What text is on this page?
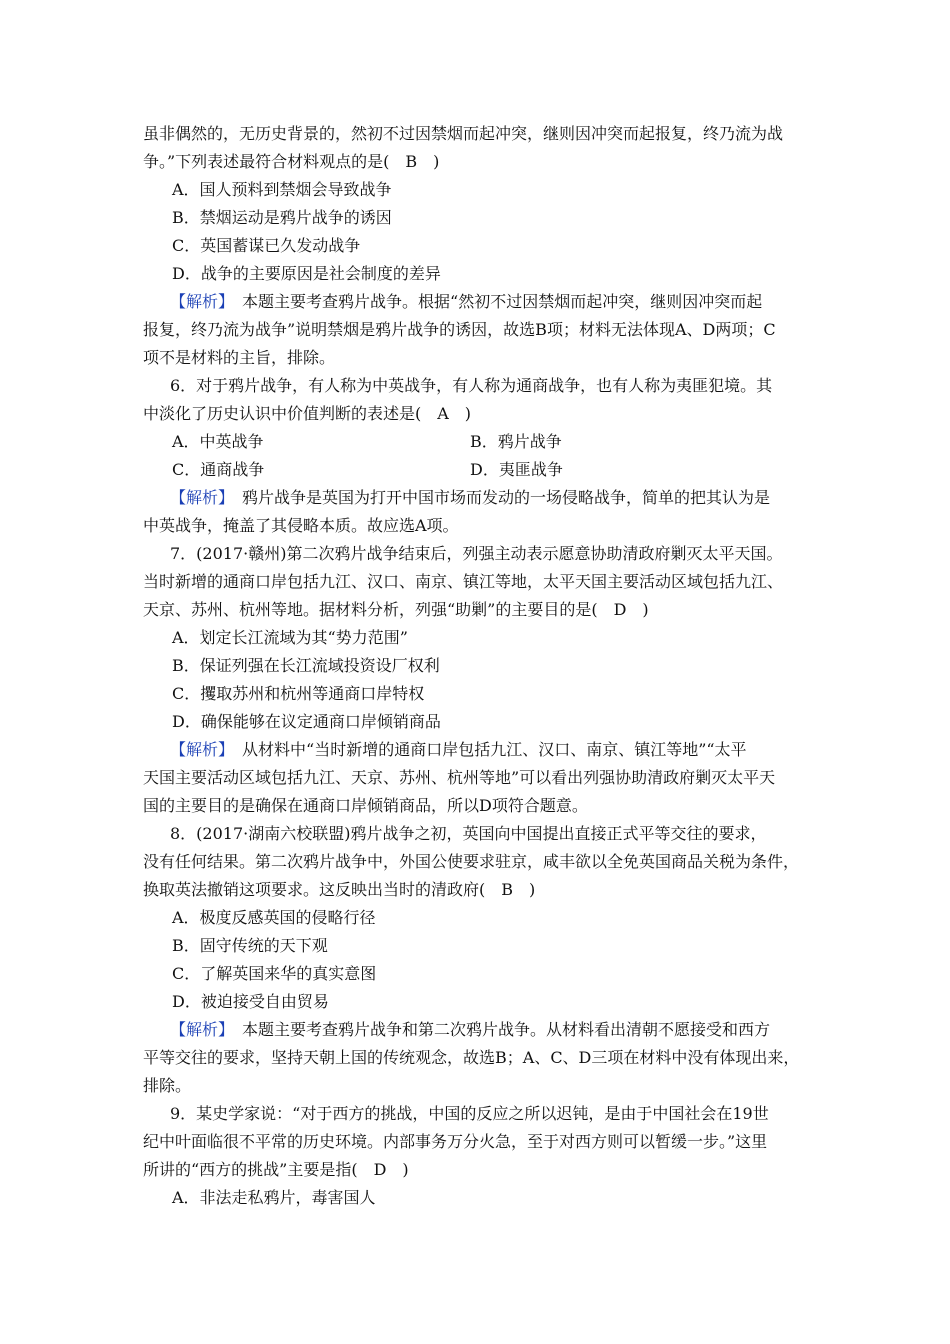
虽非偶然的，无历史背景的，然初不过因禁烟而起冲突，继则因冲突而起报复，终乃流为战
争。”下列表述最符合材料观点的是(　B　)
A．国人预料到禁烟会导致战争
B．禁烟运动是鸦片战争的诱因
C．英国蓄谋已久发动战争
D．战争的主要原因是社会制度的差异
【解析】　本题主要考查鸦片战争。根据“然初不过因禁烟而起冲突，继则因冲突而起
报复，终乃流为战争”说明禁烟是鸦片战争的诱因，故选B项；材料无法体现A、D两项；C
项不是材料的主旨，排除。
6．对于鸦片战争，有人称为中英战争，有人称为通商战争，也有人称为夷匪犯境。其
中淡化了历史认识中价值判断的表述是(　A　)
A．中英战争	B．鸦片战争
C．通商战争	D．夷匪战争
【解析】　鸦片战争是英国为打开中国市场而发动的一场侵略战争，简单的把其认为是
中英战争，掩盖了其侵略本质。故应选A项。
7．(2017·赣州)第二次鸦片战争结束后，列强主动表示愿意协助清政府剿灭太平天国。
当时新增的通商口岸包括九江、汉口、南京、镇江等地，太平天国主要活动区域包括九江、
天京、苏州、杭州等地。据材料分析，列强“助剿”的主要目的是(　D　)
A．划定长江流域为其“势力范围”
B．保证列强在长江流域投资设厂权利
C．攫取苏州和杭州等通商口岸特权
D．确保能够在议定通商口岸倾销商品
【解析】　从材料中“当时新增的通商口岸包括九江、汉口、南京、镇江等地”“太平
天国主要活动区域包括九江、天京、苏州、杭州等地”可以看出列强协助清政府剿灭太平天
国的主要目的是确保在通商口岸倾销商品，所以D项符合题意。
8．(2017·湖南六校联盟)鸦片战争之初，英国向中国提出直接正式平等交往的要求，
没有任何结果。第二次鸦片战争中，外国公使要求驻京，咸丰欲以全免英国商品关税为条件，
换取英法撤销这项要求。这反映出当时的清政府(　B　)
A．极度反感英国的侵略行径
B．固守传统的天下观
C．了解英国来华的真实意图
D．被迫接受自由贸易
【解析】　本题主要考查鸦片战争和第二次鸦片战争。从材料看出清朝不愿接受和西方
平等交往的要求，坚持天朝上国的传统观念，故选B；A、C、D三项在材料中没有体现出来，
排除。
9．某史学家说：“对于西方的挑战，中国的反应之所以迟钝，是由于中国社会在19世
纪中叶面临很不平常的历史环境。内部事务万分火急，至于对西方则可以暂缓一步。”这里
所讲的“西方的挑战”主要是指(　D　)
A．非法走私鸦片，毒害国人
